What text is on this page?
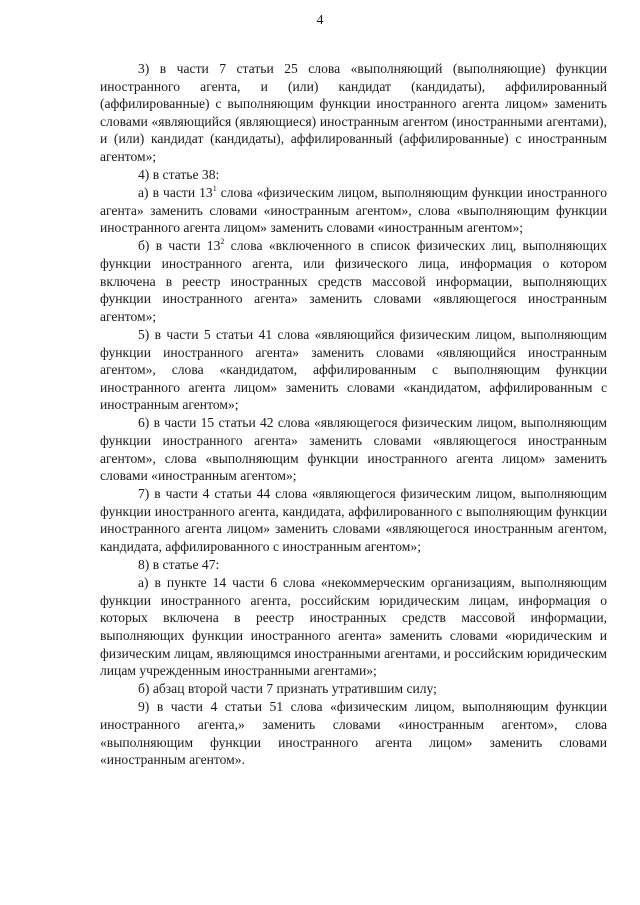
4

3) в части 7 статьи 25 слова «выполняющий (выполняющие) функции иностранного агента, и (или) кандидат (кандидаты), аффилированный (аффилированные) с выполняющим функции иностранного агента лицом» заменить словами «являющийся (являющиеся) иностранным агентом (иностранными агентами), и (или) кандидат (кандидаты), аффилированный (аффилированные) с иностранным агентом»;

4) в статье 38:

а) в части $13^1$ слова «физическим лицом, выполняющим функции иностранного агента» заменить словами «иностранным агентом», слова «выполняющим функции иностранного агента лицом» заменить словами «иностранным агентом»;

б) в части $13^2$ слова «включенного в список физических лиц, выполняющих функции иностранного агента, или физического лица, информация о котором включена в реестр иностранных средств массовой информации, выполняющих функции иностранного агента» заменить словами «являющегося иностранным агентом»;

5) в части 5 статьи 41 слова «являющийся физическим лицом, выполняющим функции иностранного агента» заменить словами «являющийся иностранным агентом», слова «кандидатом, аффилированным с выполняющим функции иностранного агента лицом» заменить словами «кандидатом, аффилированным с иностранным агентом»;

6) в части 15 статьи 42 слова «являющегося физическим лицом, выполняющим функции иностранного агента» заменить словами «являющегося иностранным агентом», слова «выполняющим функции иностранного агента лицом» заменить словами «иностранным агентом»;

7) в части 4 статьи 44 слова «являющегося физическим лицом, выполняющим функции иностранного агента, кандидата, аффилированного с выполняющим функции иностранного агента лицом» заменить словами «являющегося иностранным агентом, кандидата, аффилированного с иностранным агентом»;

8) в статье 47:

а) в пункте 14 части 6 слова «некоммерческим организациям, выполняющим функции иностранного агента, российским юридическим лицам, информация о которых включена в реестр иностранных средств массовой информации, выполняющих функции иностранного агента» заменить словами «юридическим и физическим лицам, являющимся иностранными агентами, и российским юридическим лицам учрежденным иностранными агентами»;

б) абзац второй части 7 признать утратившим силу;

9) в части 4 статьи 51 слова «физическим лицом, выполняющим функции иностранного агента,» заменить словами «иностранным агентом», слова «выполняющим функции иностранного агента лицом» заменить словами «иностранным агентом».
